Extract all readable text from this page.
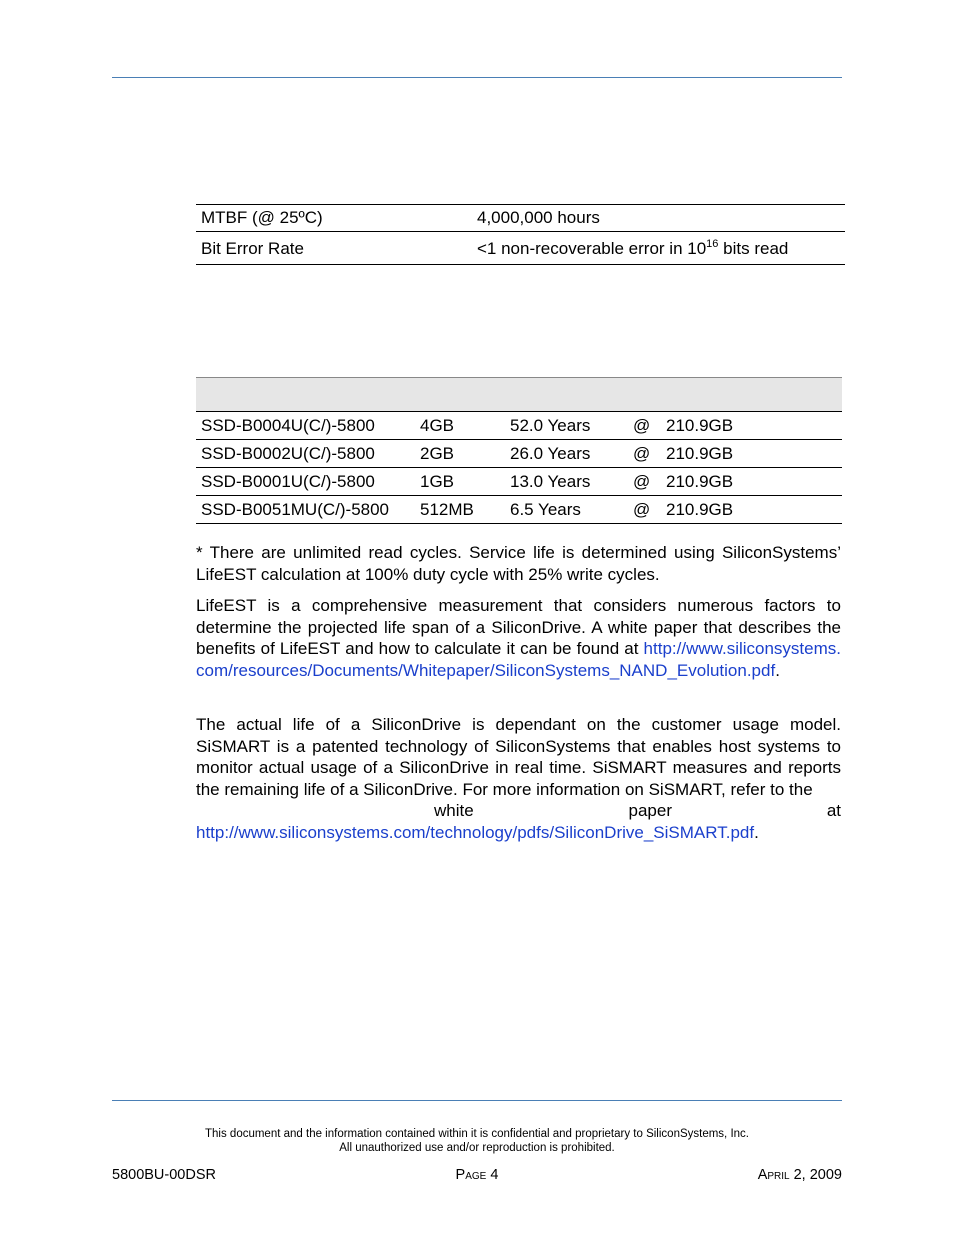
MTBF (@ 25ºC)	4,000,000 hours
Bit Error Rate	<1 non-recoverable error in $10^{16}$ bits read

SSD-B0004U(C/)-5800	4GB	52.0 Years	@	210.9GB
SSD-B0002U(C/)-5800	2GB	26.0 Years	@	210.9GB
SSD-B0001U(C/)-5800	1GB	13.0 Years	@	210.9GB
SSD-B0051MU(C/)-5800	512MB	6.5 Years	@	210.9GB

* There are unlimited read cycles. Service life is determined using SiliconSystems’ LifeEST calculation at 100% duty cycle with 25% write cycles.

LifeEST is a comprehensive measurement that considers numerous factors to determine the projected life span of a SiliconDrive. A white paper that describes the benefits of LifeEST and how to calculate it can be found at http://www.siliconsystems.com/resources/Documents/Whitepaper/SiliconSystems_NAND_Evolution.pdf.

The actual life of a SiliconDrive is dependant on the customer usage model. SiSMART is a patented technology of SiliconSystems that enables host systems to monitor actual usage of a SiliconDrive in real time. SiSMART measures and reports the remaining life of a SiliconDrive. For more information on SiSMART, refer to the
white paper at
http://www.siliconsystems.com/technology/pdfs/SiliconDrive_SiSMART.pdf.

This document and the information contained within it is confidential and proprietary to SiliconSystems, Inc.
All unauthorized use and/or reproduction is prohibited.
5800BU-00DSR	Page 4	April 2, 2009
